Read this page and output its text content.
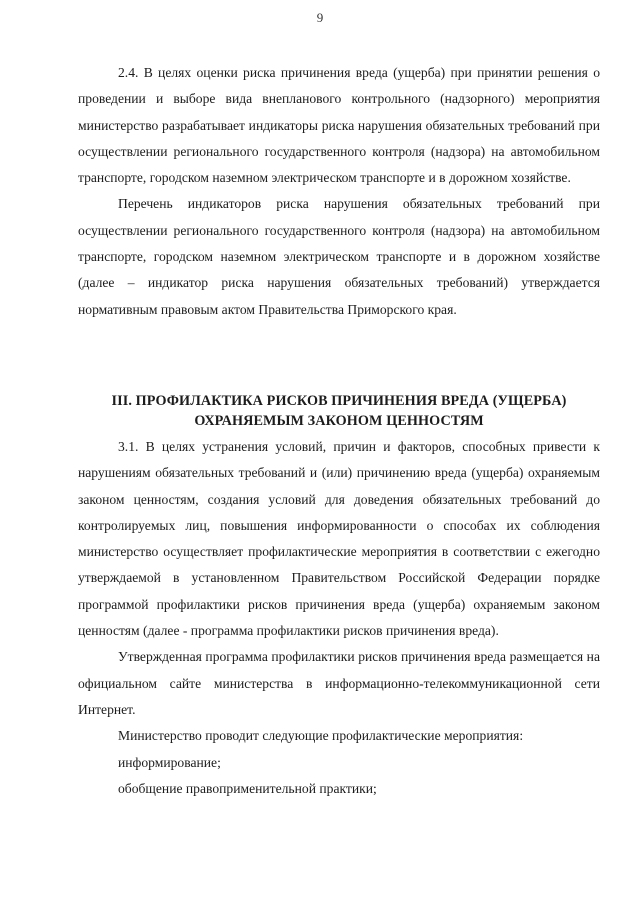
9

2.4. В целях оценки риска причинения вреда (ущерба) при принятии решения о проведении и выборе вида внепланового контрольного (надзорного) мероприятия министерство разрабатывает индикаторы риска нарушения обязательных требований при осуществлении регионального государственного контроля (надзора) на автомобильном транспорте, городском наземном электрическом транспорте и в дорожном хозяйстве.

Перечень индикаторов риска нарушения обязательных требований при осуществлении регионального государственного контроля (надзора) на автомобильном транспорте, городском наземном электрическом транспорте и в дорожном хозяйстве (далее – индикатор риска нарушения обязательных требований) утверждается нормативным правовым актом Правительства Приморского края.

III. ПРОФИЛАКТИКА РИСКОВ ПРИЧИНЕНИЯ ВРЕДА (УЩЕРБА)
ОХРАНЯЕМЫМ ЗАКОНОМ ЦЕННОСТЯМ

3.1. В целях устранения условий, причин и факторов, способных привести к нарушениям обязательных требований и (или) причинению вреда (ущерба) охраняемым законом ценностям, создания условий для доведения обязательных требований до контролируемых лиц, повышения информированности о способах их соблюдения министерство осуществляет профилактические мероприятия в соответствии с ежегодно утверждаемой в установленном Правительством Российской Федерации порядке программой профилактики рисков причинения вреда (ущерба) охраняемым законом ценностям (далее - программа профилактики рисков причинения вреда).

Утвержденная программа профилактики рисков причинения вреда размещается на официальном сайте министерства в информационно-телекоммуникационной сети Интернет.

Министерство проводит следующие профилактические мероприятия:

информирование;

обобщение правоприменительной практики;
